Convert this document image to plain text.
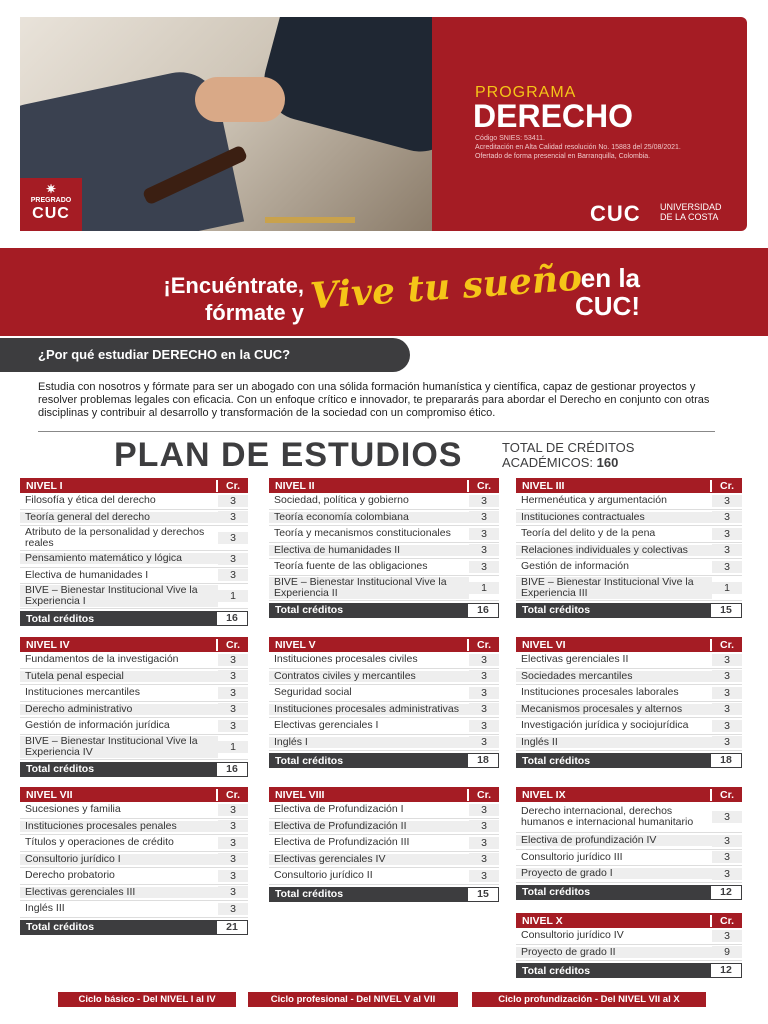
✷
PREGRADO
CUC
PROGRAMA
DERECHO
Código SNIES: 53411.
Acreditación en Alta Calidad resolución No. 15883 del 25/08/2021.
Ofertado de forma presencial en Barranquilla, Colombia.
CUC UNIVERSIDAD
DE LA COSTA
¡Encuéntrate,
fórmate y Vive tu sueño
en la
CUC!
¿Por qué estudiar DERECHO en la CUC?
Estudia con nosotros y fórmate para ser un abogado con una sólida formación humanística y científica, capaz de gestionar proyectos y resolver problemas legales con eficacia. Con un enfoque crítico e innovador, te prepararás para abordar el Derecho en conjunto con otras disciplinas y contribuir al desarrollo y transformación de la sociedad con un compromiso ético.
PLAN DE ESTUDIOS	TOTAL DE CRÉDITOS
ACADÉMICOS: 160
NIVEL I	Cr.
Filosofía y ética del derecho	3
Teoría general del derecho	3
Atributo de la personalidad y derechos reales	3
Pensamiento matemático y lógica	3
Electiva de humanidades I	3
BIVE – Bienestar Institucional Vive la Experiencia I	1
Total créditos	16
NIVEL II	Cr.
Sociedad, política y gobierno	3
Teoría economía colombiana	3
Teoría y mecanismos constitucionales	3
Electiva de humanidades II	3
Teoría fuente de las obligaciones	3
BIVE – Bienestar Institucional Vive la Experiencia II	1
Total créditos	16
NIVEL III	Cr.
Hermenéutica y argumentación	3
Instituciones contractuales	3
Teoría del delito y de la pena	3
Relaciones individuales y colectivas	3
Gestión de información	3
BIVE – Bienestar Institucional Vive la Experiencia III	1
Total créditos	15
NIVEL IV	Cr.
Fundamentos de la investigación	3
Tutela penal especial	3
Instituciones mercantiles	3
Derecho administrativo	3
Gestión de información jurídica	3
BIVE – Bienestar Institucional Vive la Experiencia IV	1
Total créditos	16
NIVEL V	Cr.
Instituciones procesales civiles	3
Contratos civiles y mercantiles	3
Seguridad social	3
Instituciones procesales administrativas	3
Electivas gerenciales I	3
Inglés I	3
Total créditos	18
NIVEL VI	Cr.
Electivas gerenciales II	3
Sociedades mercantiles	3
Instituciones procesales laborales	3
Mecanismos procesales y alternos	3
Investigación jurídica y sociojurídica	3
Inglés II	3
Total créditos	18
NIVEL VII	Cr.
Sucesiones y familia	3
Instituciones procesales penales	3
Títulos y operaciones de crédito	3
Consultorio jurídico I	3
Derecho probatorio	3
Electivas gerenciales III	3
Inglés III	3
Total créditos	21
NIVEL VIII	Cr.
Electiva de Profundización I	3
Electiva de Profundización II	3
Electiva de Profundización III	3
Electivas gerenciales IV	3
Consultorio jurídico II	3
Total créditos	15
NIVEL IX	Cr.
Derecho internacional, derechos humanos e internacional humanitario	3
Electiva de profundización IV	3
Consultorio jurídico III	3
Proyecto de grado I	3
Total créditos	12
NIVEL X	Cr.
Consultorio jurídico IV	3
Proyecto de grado II	9
Total créditos	12
Ciclo básico - Del NIVEL I al IV	Ciclo profesional - Del NIVEL V al VII	Ciclo profundización - Del NIVEL VII al X
